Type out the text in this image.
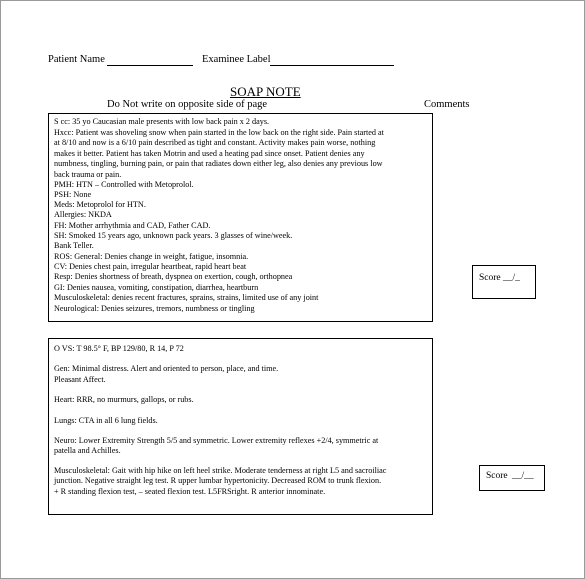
Patient Name	Examinee Label
SOAP NOTE
Do Not write on opposite side of page	Comments
S cc: 35 yo Caucasian male presents with low back pain x 2 days.
Hxcc: Patient was shoveling snow when pain started in the low back on the right side. Pain started at
at 8/10 and now is a 6/10 pain described as tight and constant. Activity makes pain worse, nothing
makes it better. Patient has taken Motrin and used a heating pad since onset. Patient denies any
numbness, tingling, burning pain, or pain that radiates down either leg, also denies any previous low
back trauma or pain.
PMH: HTN – Controlled with Metoprolol.
PSH: None
Meds: Metoprolol for HTN.
Allergies: NKDA
FH: Mother arrhythmia and CAD, Father CAD.
SH: Smoked 15 years ago, unknown pack years. 3 glasses of wine/week.
Bank Teller.
ROS: General: Denies change in weight, fatigue, insomnia.
CV: Denies chest pain, irregular heartbeat, rapid heart beat
Resp: Denies shortness of breath, dyspnea on exertion, cough, orthopnea
GI: Denies nausea, vomiting, constipation, diarrhea, heartburn
Musculoskeletal: denies recent fractures, sprains, strains, limited use of any joint
Neurological: Denies seizures, tremors, numbness or tingling
Score __/_
O VS: T 98.5° F, BP 129/80, R 14, P 72
Gen: Minimal distress. Alert and oriented to person, place, and time.
Pleasant Affect.
Heart: RRR, no murmurs, gallops, or rubs.
Lungs: CTA in all 6 lung fields.
Neuro: Lower Extremity Strength 5/5 and symmetric. Lower extremity reflexes +2/4, symmetric at
patella and Achilles.
Musculoskeletal: Gait with hip hike on left heel strike. Moderate tenderness at right L5 and sacroiliac
junction. Negative straight leg test. R upper lumbar hypertonicity. Decreased ROM to trunk flexion.
+ R standing flexion test, – seated flexion test. L5FRSright. R anterior innominate.
Score __/__
